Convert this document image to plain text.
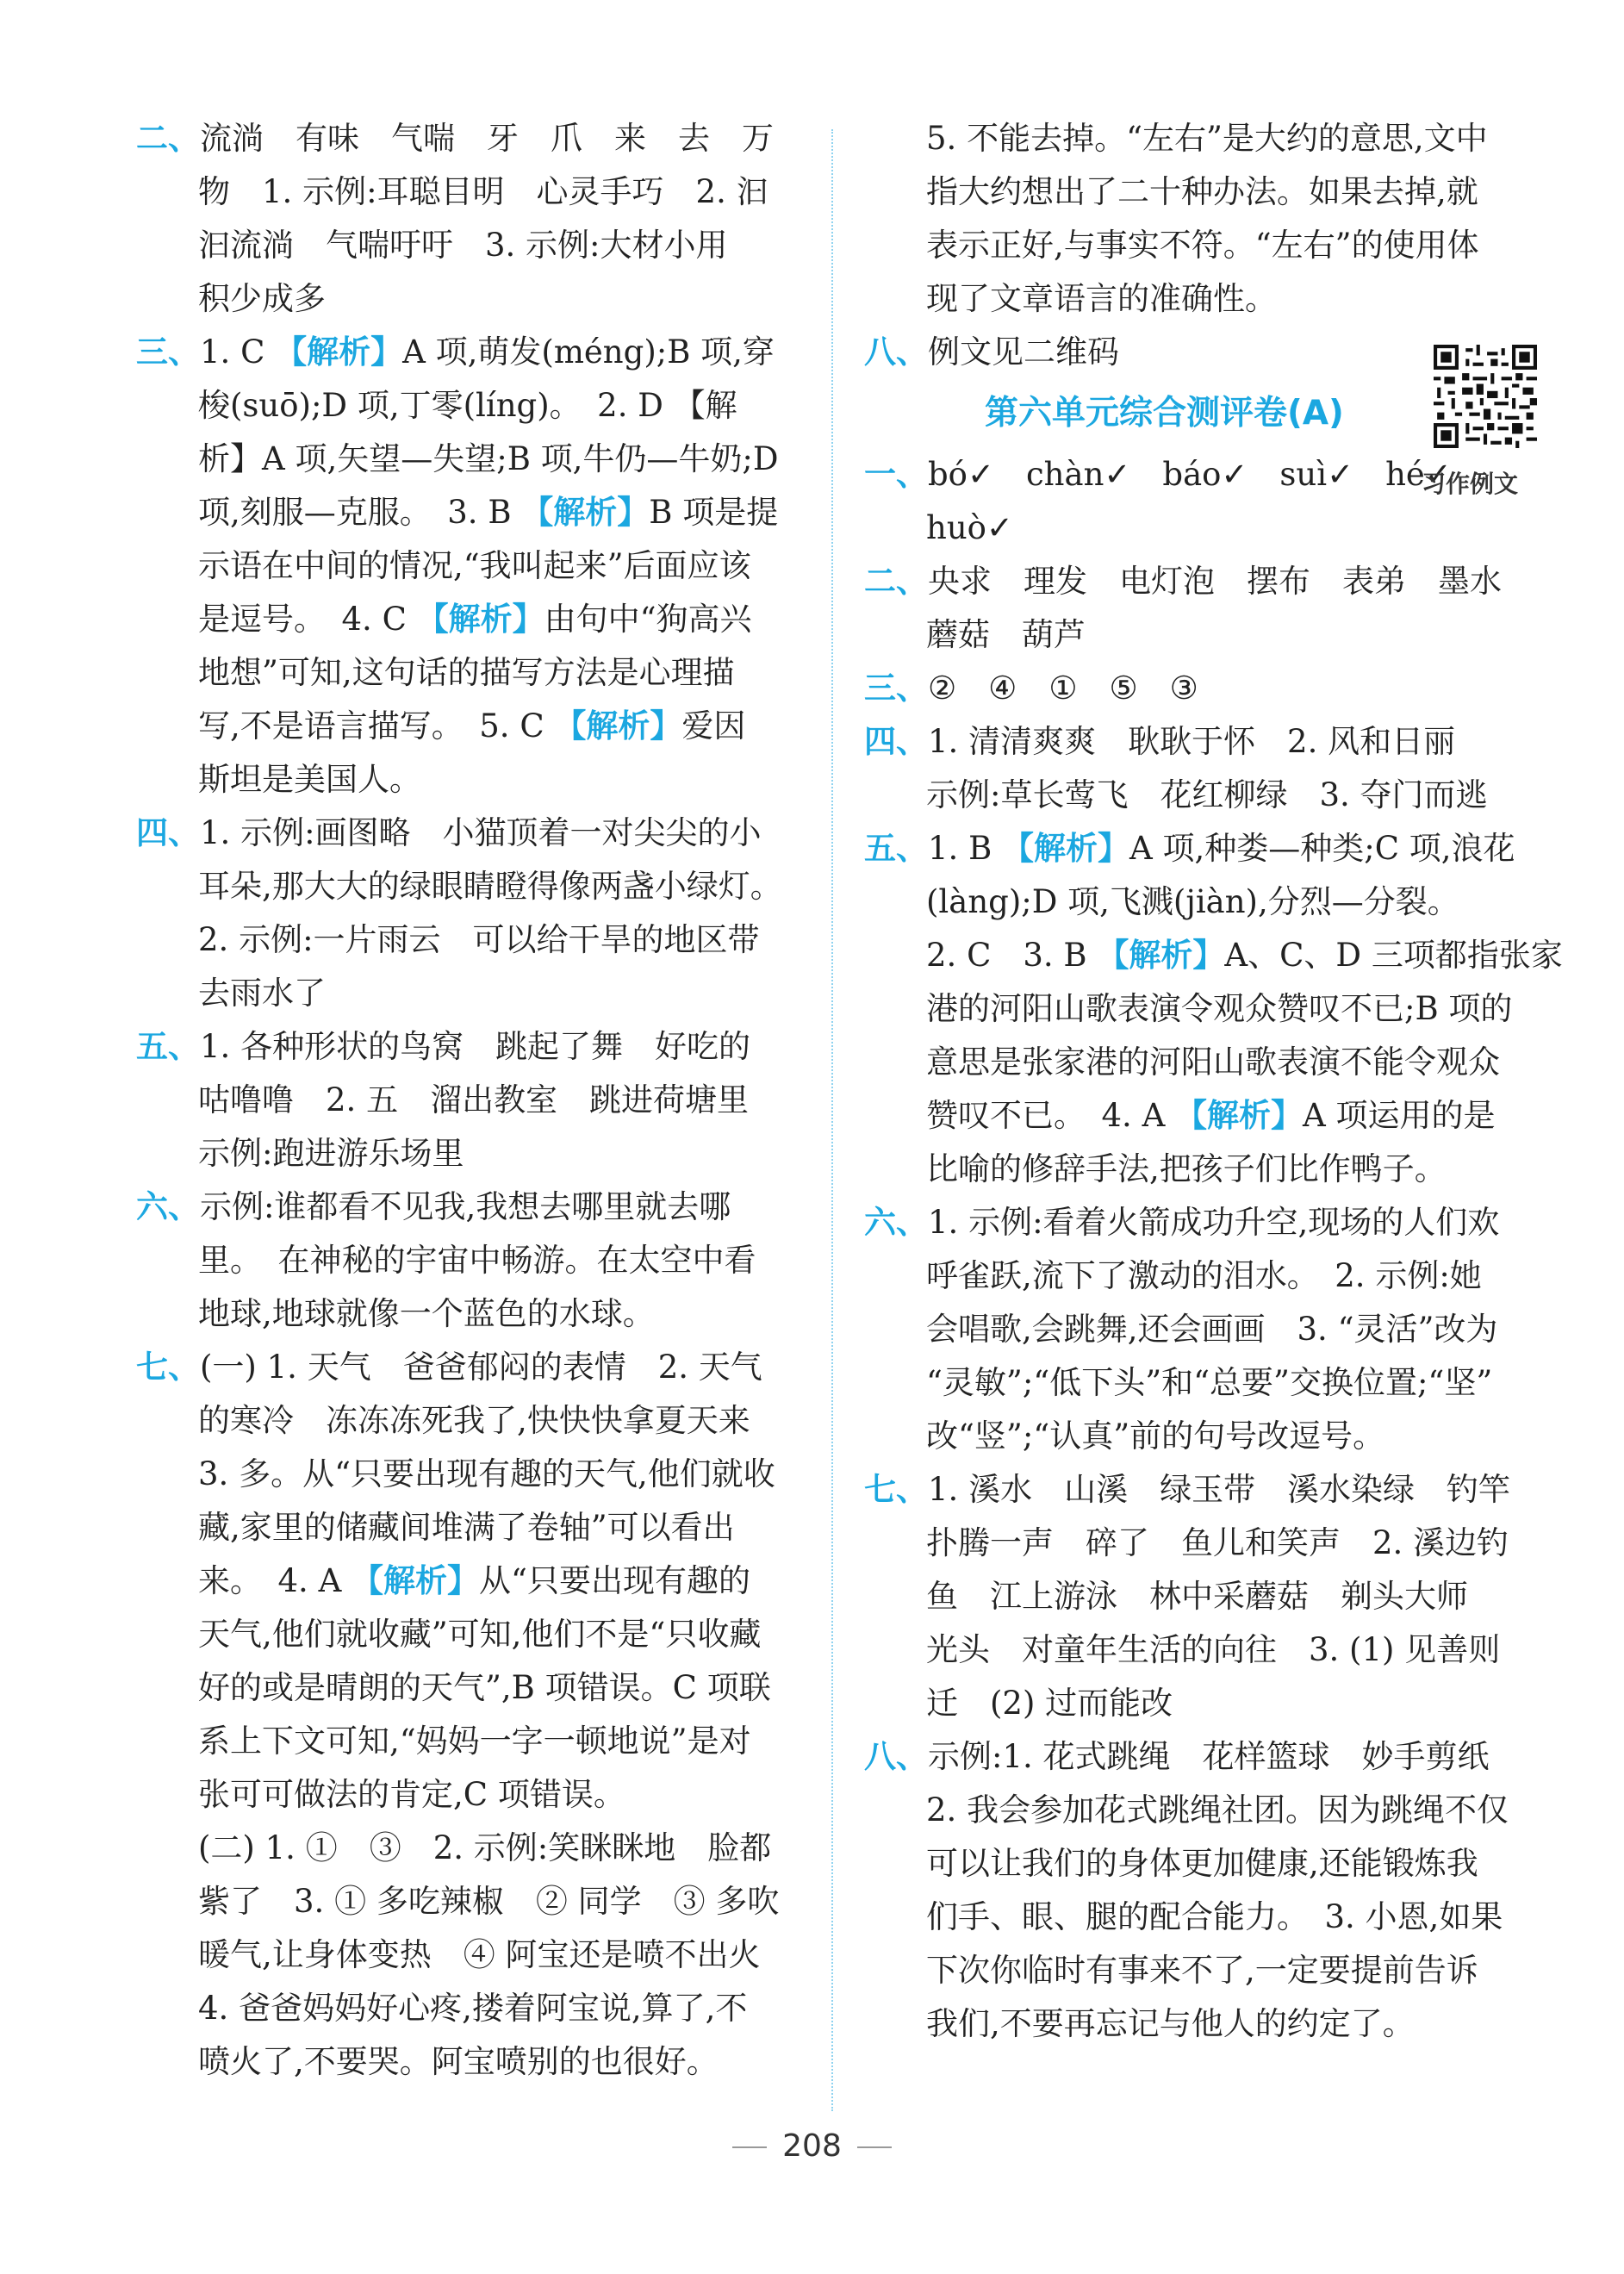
二、流淌　有味　气喘　牙　爪　来　去　万
物　1. 示例:耳聪目明　心灵手巧　2. 汩
汩流淌　气喘吁吁　3. 示例:大材小用
积少成多
三、1. C 【解析】A 项,萌发(méng);B 项,穿
梭(suō);D 项,丁零(líng)。　2. D 【解
析】A 项,矢望—失望;B 项,牛仍—牛奶;D
项,刻服—克服。　3. B 【解析】B 项是提
示语在中间的情况,“我叫起来”后面应该
是逗号。　4. C 【解析】由句中“狗高兴
地想”可知,这句话的描写方法是心理描
写,不是语言描写。　5. C 【解析】爱因
斯坦是美国人。
四、1. 示例:画图略　小猫顶着一对尖尖的小
耳朵,那大大的绿眼睛瞪得像两盏小绿灯。
2. 示例:一片雨云　可以给干旱的地区带
去雨水了
五、1. 各种形状的鸟窝　跳起了舞　好吃的
咕噜噜　2. 五　溜出教室　跳进荷塘里
示例:跑进游乐场里
六、示例:谁都看不见我,我想去哪里就去哪
里。　在神秘的宇宙中畅游。在太空中看
地球,地球就像一个蓝色的水球。
七、(一) 1. 天气　爸爸郁闷的表情　2. 天气
的寒冷　冻冻冻死我了,快快快拿夏天来
3. 多。从“只要出现有趣的天气,他们就收
藏,家里的储藏间堆满了卷轴”可以看出
来。　4. A 【解析】从“只要出现有趣的
天气,他们就收藏”可知,他们不是“只收藏
好的或是晴朗的天气”,B 项错误。C 项联
系上下文可知,“妈妈一字一顿地说”是对
张可可做法的肯定,C 项错误。
(二) 1. ①　③　2. 示例:笑眯眯地　脸都
紫了　3. ① 多吃辣椒　② 同学　③ 多吹
暖气,让身体变热　④ 阿宝还是喷不出火
4. 爸爸妈妈好心疼,搂着阿宝说,算了,不
喷火了,不要哭。阿宝喷别的也很好。
5. 不能去掉。“左右”是大约的意思,文中
指大约想出了二十种办法。如果去掉,就
表示正好,与事实不符。“左右”的使用体
现了文章语言的准确性。
八、例文见二维码
第六单元综合测评卷(A)
一、bó✓　chàn✓　báo✓　suì✓　hé✓
huò✓
二、央求　理发　电灯泡　摆布　表弟　墨水
蘑菇　葫芦
三、②　④　①　⑤　③
四、1. 清清爽爽　耿耿于怀　2. 风和日丽
示例:草长莺飞　花红柳绿　3. 夺门而逃
五、1. B 【解析】A 项,种娄—种类;C 项,浪花
(làng);D 项,飞溅(jiàn),分烈—分裂。
2. C　3. B 【解析】A、C、D 三项都指张家
港的河阳山歌表演令观众赞叹不已;B 项的
意思是张家港的河阳山歌表演不能令观众
赞叹不已。　4. A 【解析】A 项运用的是
比喻的修辞手法,把孩子们比作鸭子。
六、1. 示例:看着火箭成功升空,现场的人们欢
呼雀跃,流下了激动的泪水。　2. 示例:她
会唱歌,会跳舞,还会画画　3. “灵活”改为
“灵敏”;“低下头”和“总要”交换位置;“坚”
改“竖”;“认真”前的句号改逗号。
七、1. 溪水　山溪　绿玉带　溪水染绿　钓竿
扑腾一声　碎了　鱼儿和笑声　2. 溪边钓
鱼　江上游泳　林中采蘑菇　剃头大师
光头　对童年生活的向往　3. (1) 见善则
迁　(2) 过而能改
八、示例:1. 花式跳绳　花样篮球　妙手剪纸
2. 我会参加花式跳绳社团。因为跳绳不仅
可以让我们的身体更加健康,还能锻炼我
们手、眼、腿的配合能力。　3. 小恩,如果
下次你临时有事来不了,一定要提前告诉
我们,不要再忘记与他人的约定了。
习作例文
208
